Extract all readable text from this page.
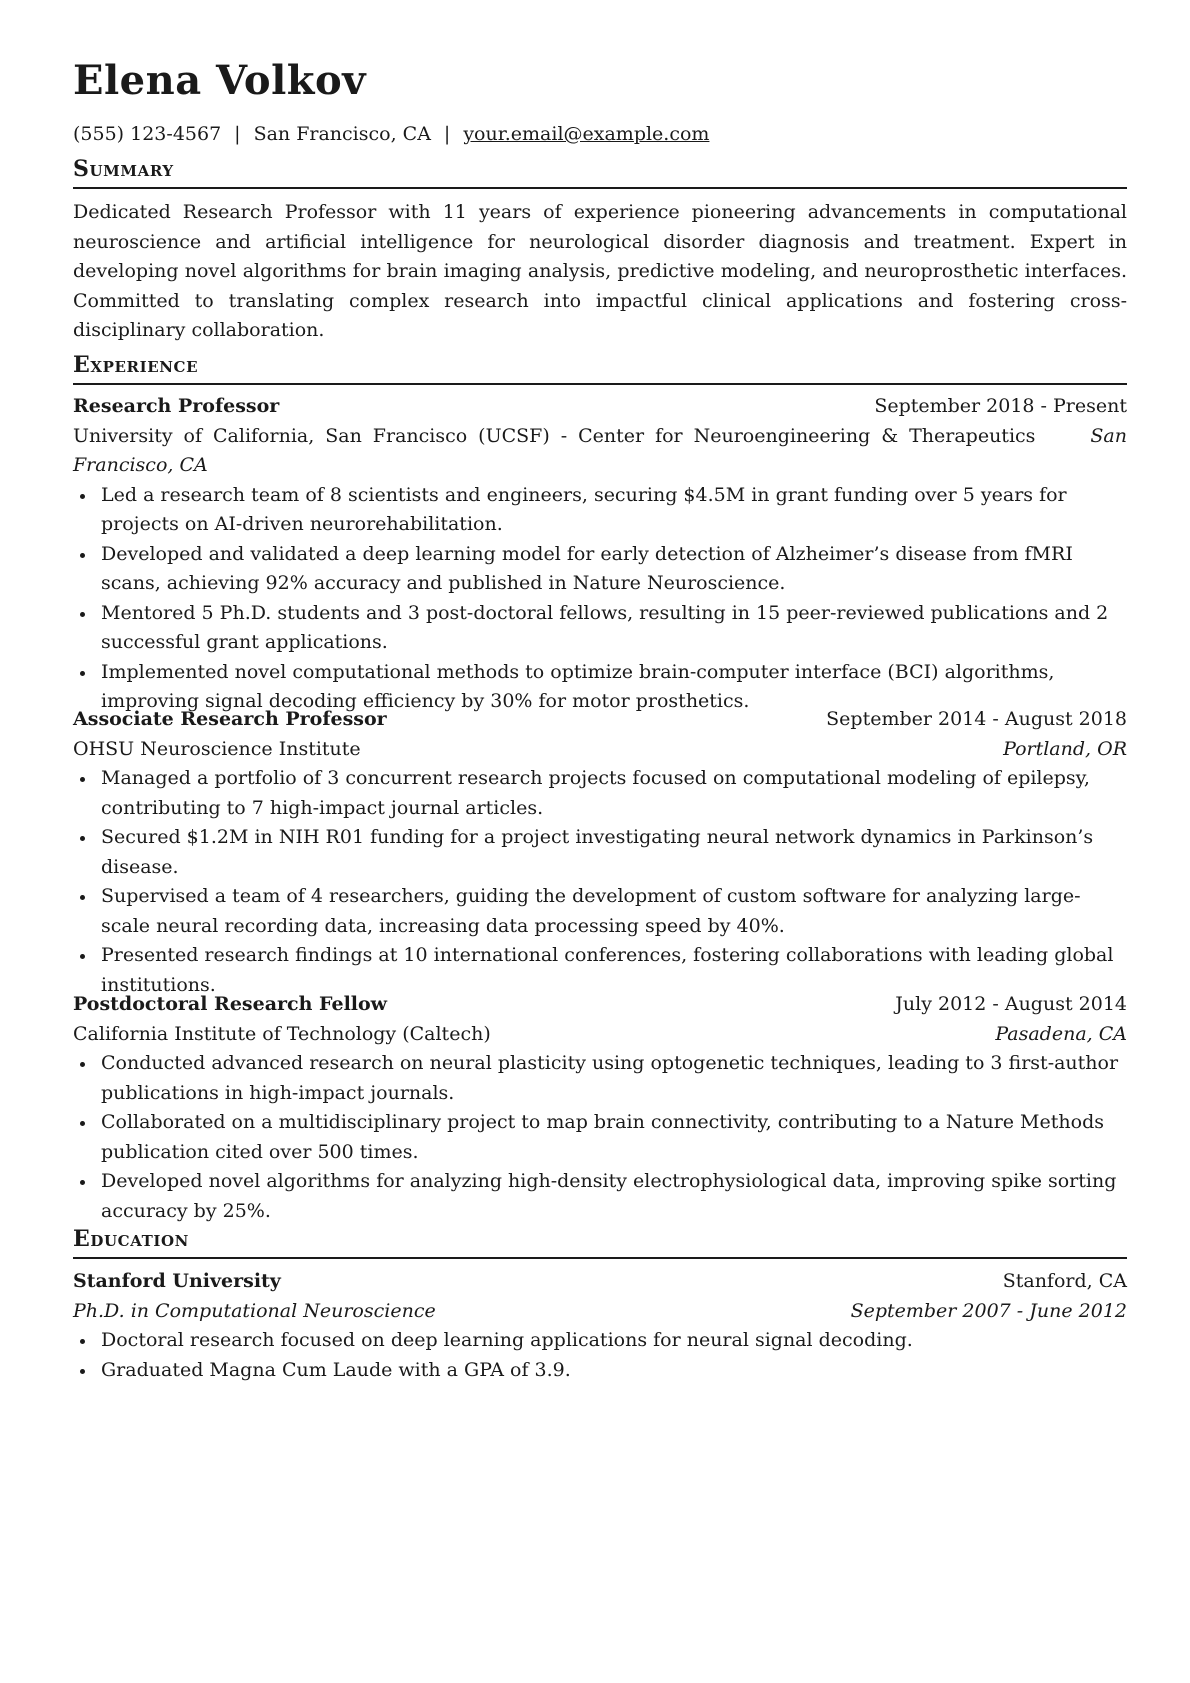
Elena Volkov
(555) 123-4567 | San Francisco, CA | your.email@example.com
Summary

Dedicated Research Professor with 11 years of experience pioneering advancements in computational neuroscience and artificial intelligence for neurological disorder diagnosis and treatment. Expert in developing novel algorithms for brain imaging analysis, predictive modeling, and neuroprosthetic interfaces. Committed to translating complex research into impactful clinical applications and fostering cross-disciplinary collaboration.

Experience
Research Professor	September 2018 - Present
University of California, San Francisco (UCSF) - Center for Neuroengineering & Therapeutics	San Francisco, CA
Led a research team of 8 scientists and engineers, securing $4.5M in grant funding over 5 years for projects on AI-driven neurorehabilitation.
Developed and validated a deep learning model for early detection of Alzheimer’s disease from fMRI scans, achieving 92% accuracy and published in Nature Neuroscience.
Mentored 5 Ph.D. students and 3 post-doctoral fellows, resulting in 15 peer-reviewed publications and 2 successful grant applications.
Implemented novel computational methods to optimize brain-computer interface (BCI) algorithms, improving signal decoding efficiency by 30% for motor prosthetics.
Associate Research Professor	September 2014 - August 2018
OHSU Neuroscience Institute	Portland, OR
Managed a portfolio of 3 concurrent research projects focused on computational modeling of epilepsy, contributing to 7 high-impact journal articles.
Secured $1.2M in NIH R01 funding for a project investigating neural network dynamics in Parkinson’s disease.
Supervised a team of 4 researchers, guiding the development of custom software for analyzing large-scale neural recording data, increasing data processing speed by 40%.
Presented research findings at 10 international conferences, fostering collaborations with leading global institutions.
Postdoctoral Research Fellow	July 2012 - August 2014
California Institute of Technology (Caltech)	Pasadena, CA
Conducted advanced research on neural plasticity using optogenetic techniques, leading to 3 first-author publications in high-impact journals.
Collaborated on a multidisciplinary project to map brain connectivity, contributing to a Nature Methods publication cited over 500 times.
Developed novel algorithms for analyzing high-density electrophysiological data, improving spike sorting accuracy by 25%.
Education
Stanford University	Stanford, CA
Ph.D. in Computational Neuroscience	September 2007 - June 2012
Doctoral research focused on deep learning applications for neural signal decoding.
Graduated Magna Cum Laude with a GPA of 3.9.
